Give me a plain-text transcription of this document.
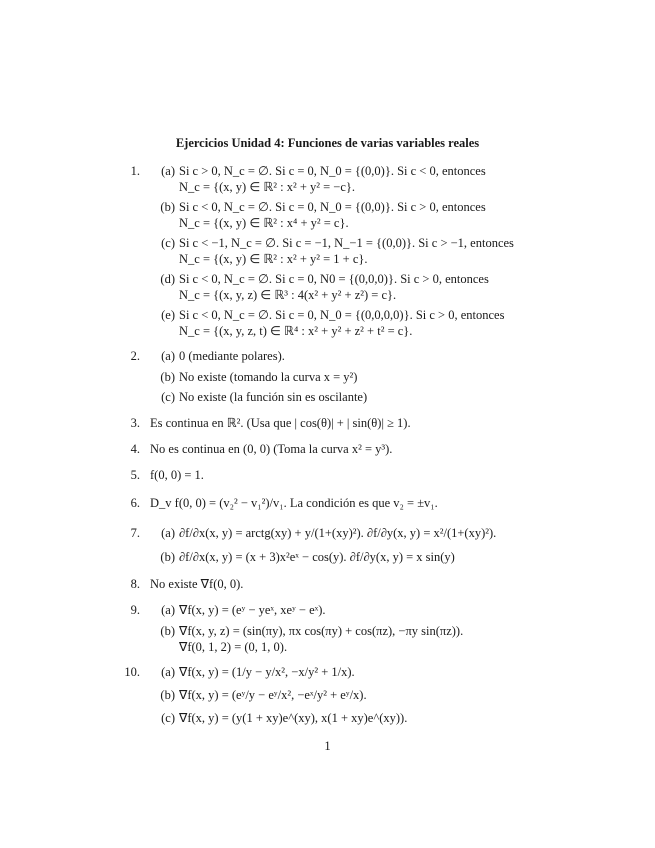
Ejercicios Unidad 4: Funciones de varias variables reales
1.	(a) Si c > 0, N_c = ∅. Si c = 0, N_0 = {(0,0)}. Si c < 0, entonces
N_c = {(x, y) ∈ ℝ² : x² + y² = −c}.
(b) Si c < 0, N_c = ∅. Si c = 0, N_0 = {(0,0)}. Si c > 0, entonces
N_c = {(x, y) ∈ ℝ² : x⁴ + y² = c}.
(c) Si c < −1, N_c = ∅. Si c = −1, N_−1 = {(0,0)}. Si c > −1, entonces
N_c = {(x, y) ∈ ℝ² : x² + y² = 1 + c}.
(d) Si c < 0, N_c = ∅. Si c = 0, N0 = {(0,0,0)}. Si c > 0, entonces
N_c = {(x, y, z) ∈ ℝ³ : 4(x² + y² + z²) = c}.
(e) Si c < 0, N_c = ∅. Si c = 0, N_0 = {(0,0,0,0)}. Si c > 0, entonces
N_c = {(x, y, z, t) ∈ ℝ⁴ : x² + y² + z² + t² = c}.
2.	(a) 0 (mediante polares).
(b) No existe (tomando la curva x = y²)
(c) No existe (la función sin es oscilante)
3. Es continua en ℝ². (Usa que | cos(θ)| + | sin(θ)| ≥ 1).
4. No es continua en (0, 0) (Toma la curva x² = y³).
5. f(0, 0) = 1.
6. D_v f(0, 0) = (v₂² − v₁²)/v₁. La condición es que v₂ = ±v₁.
7.	(a) ∂f/∂x(x, y) = arctg(xy) + y/(1+(xy)²). ∂f/∂y(x, y) = x²/(1+(xy)²).
(b) ∂f/∂x(x, y) = (x + 3)x²eˣ − cos(y). ∂f/∂y(x, y) = x sin(y)
8. No existe ∇f(0, 0).
9.	(a) ∇f(x, y) = (eʸ − yeˣ, xeʸ − eˣ).
(b) ∇f(x, y, z) = (sin(πy), πx cos(πy) + cos(πz), −πy sin(πz)).
∇f(0, 1, 2) = (0, 1, 0).
10.	(a) ∇f(x, y) = (1/y − y/x², −x/y² + 1/x).
(b) ∇f(x, y) = (eʸ/y − eʸ/x², −eˣ/y² + eʸ/x).
(c) ∇f(x, y) = (y(1 + xy)e^(xy), x(1 + xy)e^(xy)).
1
